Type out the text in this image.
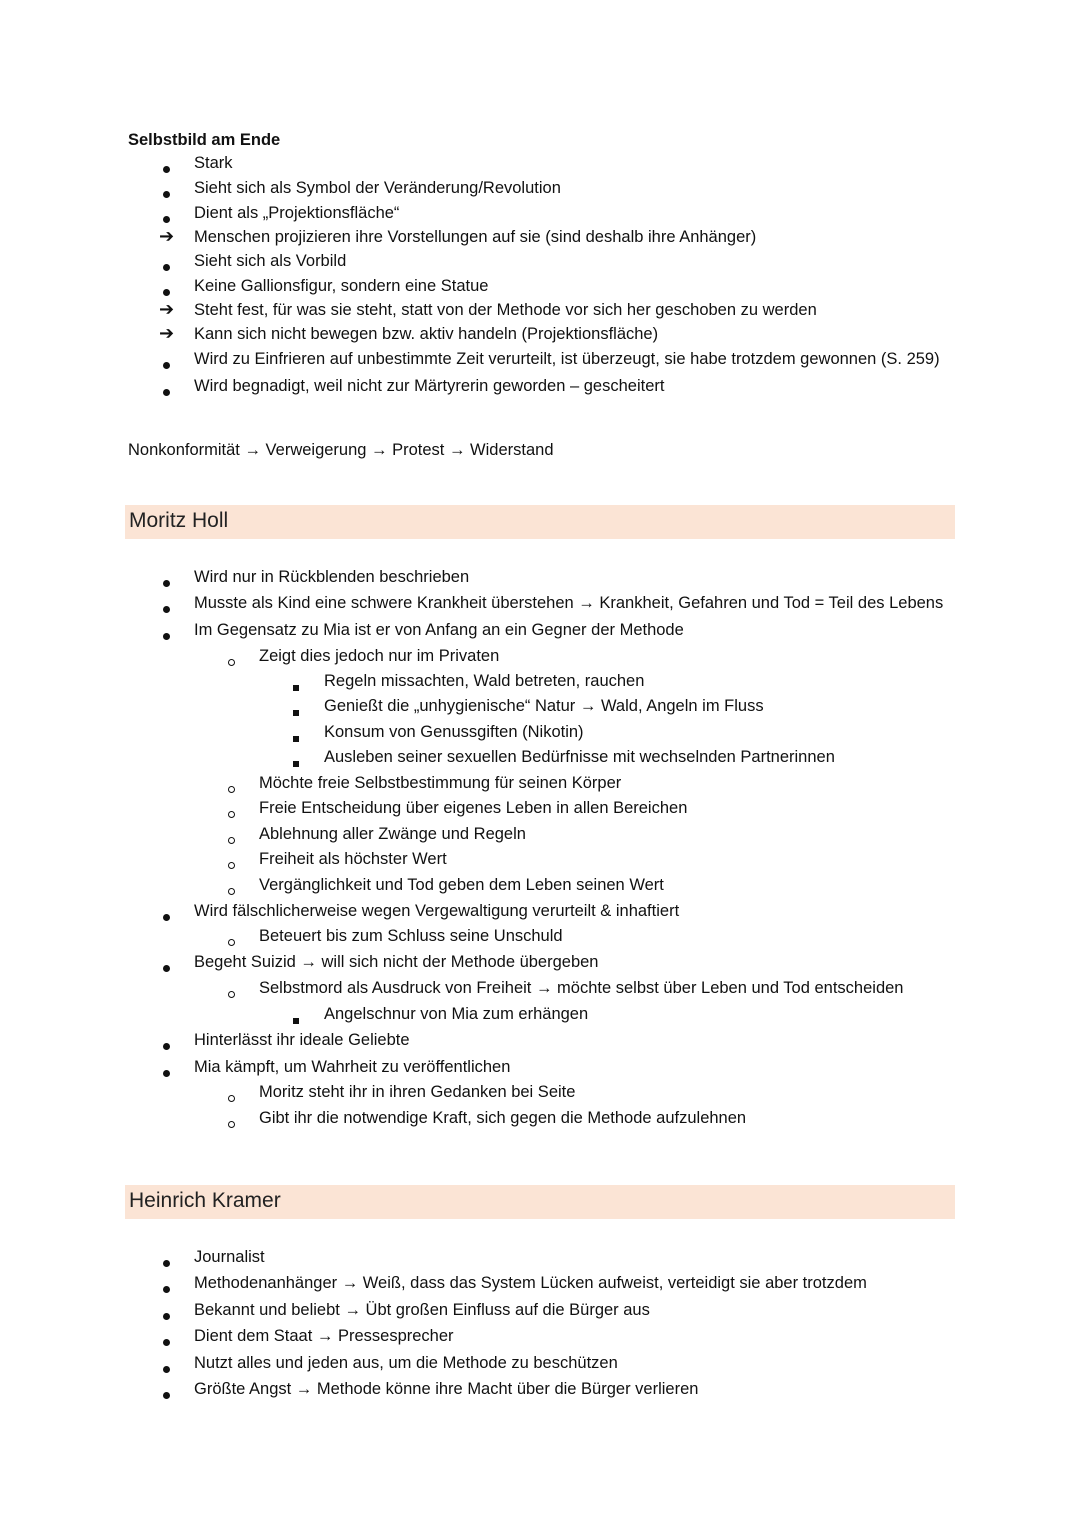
Selbstbild am Ende
Stark
Sieht sich als Symbol der Veränderung/Revolution
Dient als „Projektionsfläche“
➔ Menschen projizieren ihre Vorstellungen auf sie (sind deshalb ihre Anhänger)
Sieht sich als Vorbild
Keine Gallionsfigur, sondern eine Statue
➔ Steht fest, für was sie steht, statt von der Methode vor sich her geschoben zu werden
➔ Kann sich nicht bewegen bzw. aktiv handeln (Projektionsfläche)
Wird zu Einfrieren auf unbestimmte Zeit verurteilt, ist überzeugt, sie habe trotzdem gewonnen (S. 259)
Wird begnadigt, weil nicht zur Märtyrerin geworden – gescheitert
Nonkonformität → Verweigerung → Protest → Widerstand
Moritz Holl
Wird nur in Rückblenden beschrieben
Musste als Kind eine schwere Krankheit überstehen → Krankheit, Gefahren und Tod = Teil des Lebens
Im Gegensatz zu Mia ist er von Anfang an ein Gegner der Methode
Zeigt dies jedoch nur im Privaten
Regeln missachten, Wald betreten, rauchen
Genießt die „unhygienische“ Natur → Wald, Angeln im Fluss
Konsum von Genussgiften (Nikotin)
Ausleben seiner sexuellen Bedürfnisse mit wechselnden Partnerinnen
Möchte freie Selbstbestimmung für seinen Körper
Freie Entscheidung über eigenes Leben in allen Bereichen
Ablehnung aller Zwänge und Regeln
Freiheit als höchster Wert
Vergänglichkeit und Tod geben dem Leben seinen Wert
Wird fälschlicherweise wegen Vergewaltigung verurteilt & inhaftiert
Beteuert bis zum Schluss seine Unschuld
Begeht Suizid → will sich nicht der Methode übergeben
Selbstmord als Ausdruck von Freiheit → möchte selbst über Leben und Tod entscheiden
Angelschnur von Mia zum erhängen
Hinterlässt ihr ideale Geliebte
Mia kämpft, um Wahrheit zu veröffentlichen
Moritz steht ihr in ihren Gedanken bei Seite
Gibt ihr die notwendige Kraft, sich gegen die Methode aufzulehnen
Heinrich Kramer
Journalist
Methodenanhänger → Weiß, dass das System Lücken aufweist, verteidigt sie aber trotzdem
Bekannt und beliebt → Übt großen Einfluss auf die Bürger aus
Dient dem Staat → Pressesprecher
Nutzt alles und jeden aus, um die Methode zu beschützen
Größte Angst → Methode könne ihre Macht über die Bürger verlieren
